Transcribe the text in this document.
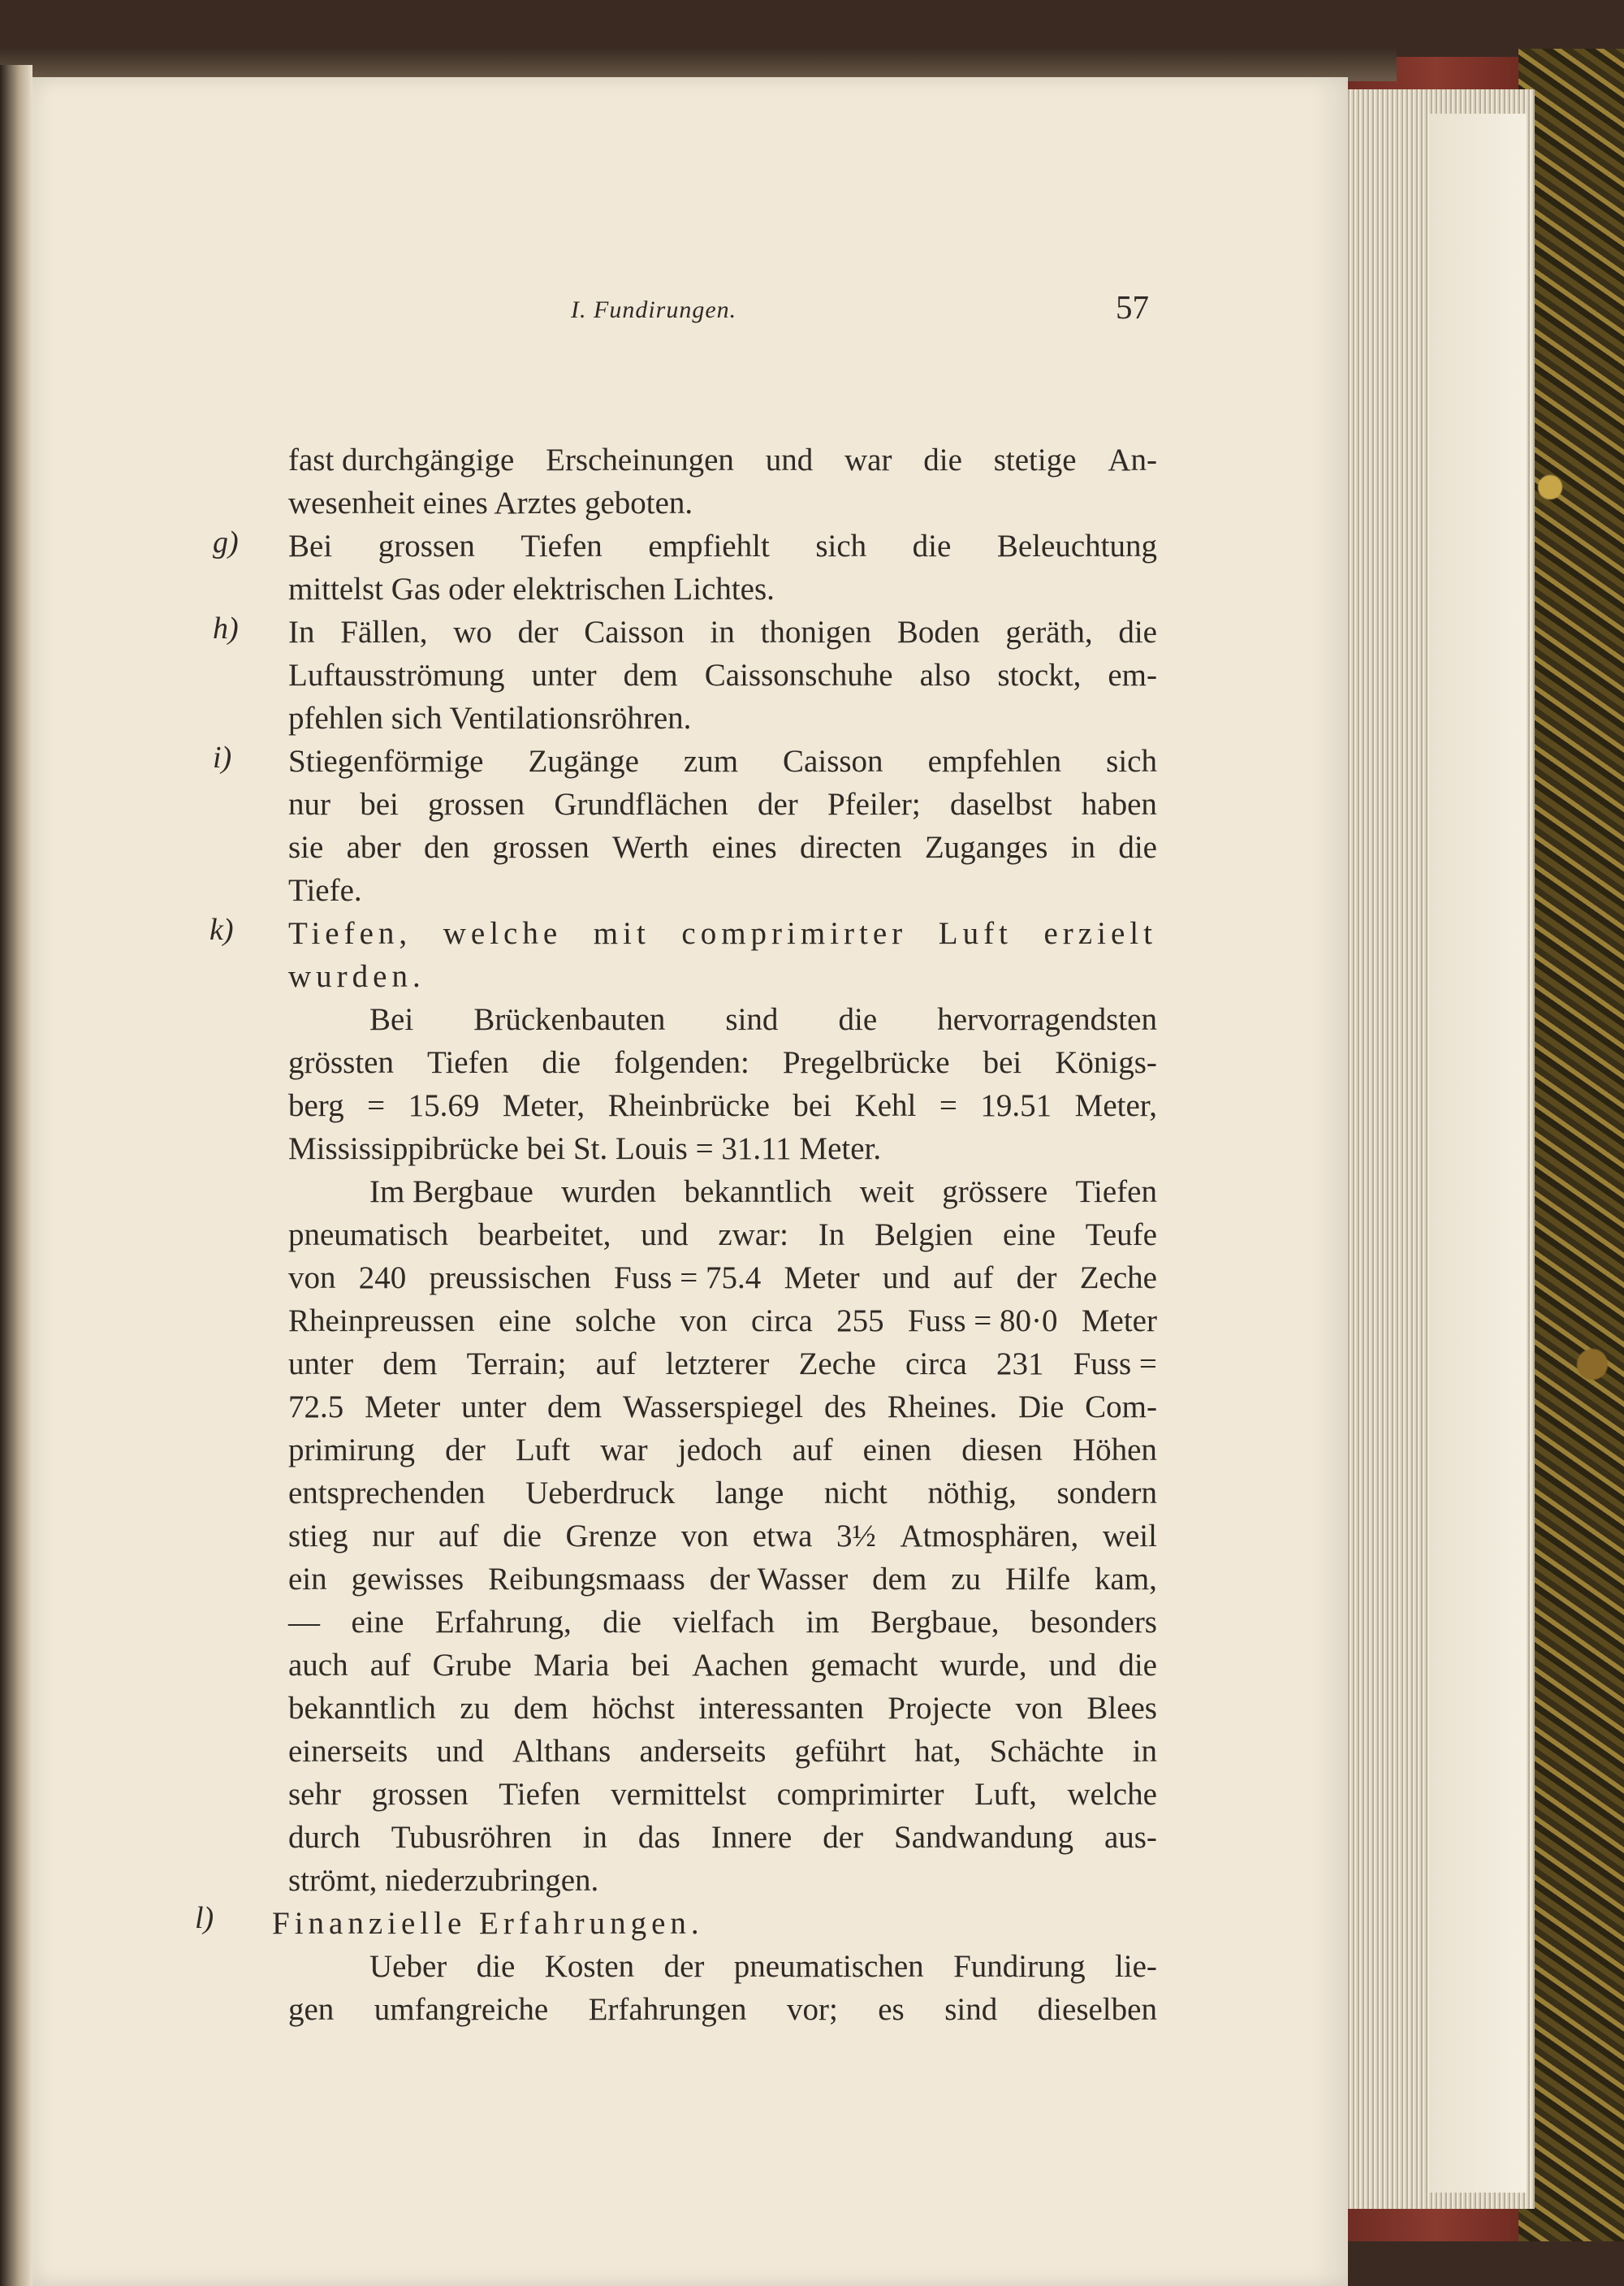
I. Fundirungen.	57
g)
h)
i)
k)
l)
fast durchgängige Erscheinungen und war die stetige An-
wesenheit eines Arztes geboten.
Bei grossen Tiefen empfiehlt sich die Beleuchtung
mittelst Gas oder elektrischen Lichtes.
In Fällen, wo der Caisson in thonigen Boden geräth, die
Luftausströmung unter dem Caissonschuhe also stockt, em-
pfehlen sich Ventilationsröhren.
Stiegenförmige Zugänge zum Caisson empfehlen sich
nur bei grossen Grundflächen der Pfeiler; daselbst haben
sie aber den grossen Werth eines directen Zuganges in die
Tiefe.
Tiefen, welche mit comprimirter Luft erzielt
wurden.
Bei Brückenbauten sind die hervorragendsten
grössten Tiefen die folgenden: Pregelbrücke bei Königs-
berg = 15.69 Meter, Rheinbrücke bei Kehl = 19.51 Meter,
Mississippibrücke bei St. Louis = 31.11 Meter.
Im Bergbaue wurden bekanntlich weit grössere Tiefen
pneumatisch bearbeitet, und zwar: In Belgien eine Teufe
von 240 preussischen Fuss = 75.4 Meter und auf der Zeche
Rheinpreussen eine solche von circa 255 Fuss = 80·0 Meter
unter dem Terrain; auf letzterer Zeche circa 231 Fuss =
72.5 Meter unter dem Wasserspiegel des Rheines. Die Com-
primirung der Luft war jedoch auf einen diesen Höhen
entsprechenden Ueberdruck lange nicht nöthig, sondern
stieg nur auf die Grenze von etwa 3½ Atmosphären, weil
ein gewisses Reibungsmaass der Wasser dem zu Hilfe kam,
— eine Erfahrung, die vielfach im Bergbaue, besonders
auch auf Grube Maria bei Aachen gemacht wurde, und die
bekanntlich zu dem höchst interessanten Projecte von Blees
einerseits und Althans anderseits geführt hat, Schächte in
sehr grossen Tiefen vermittelst comprimirter Luft, welche
durch Tubusröhren in das Innere der Sandwandung aus-
strömt, niederzubringen.
Finanzielle Erfahrungen.
Ueber die Kosten der pneumatischen Fundirung lie-
gen umfangreiche Erfahrungen vor; es sind dieselben
